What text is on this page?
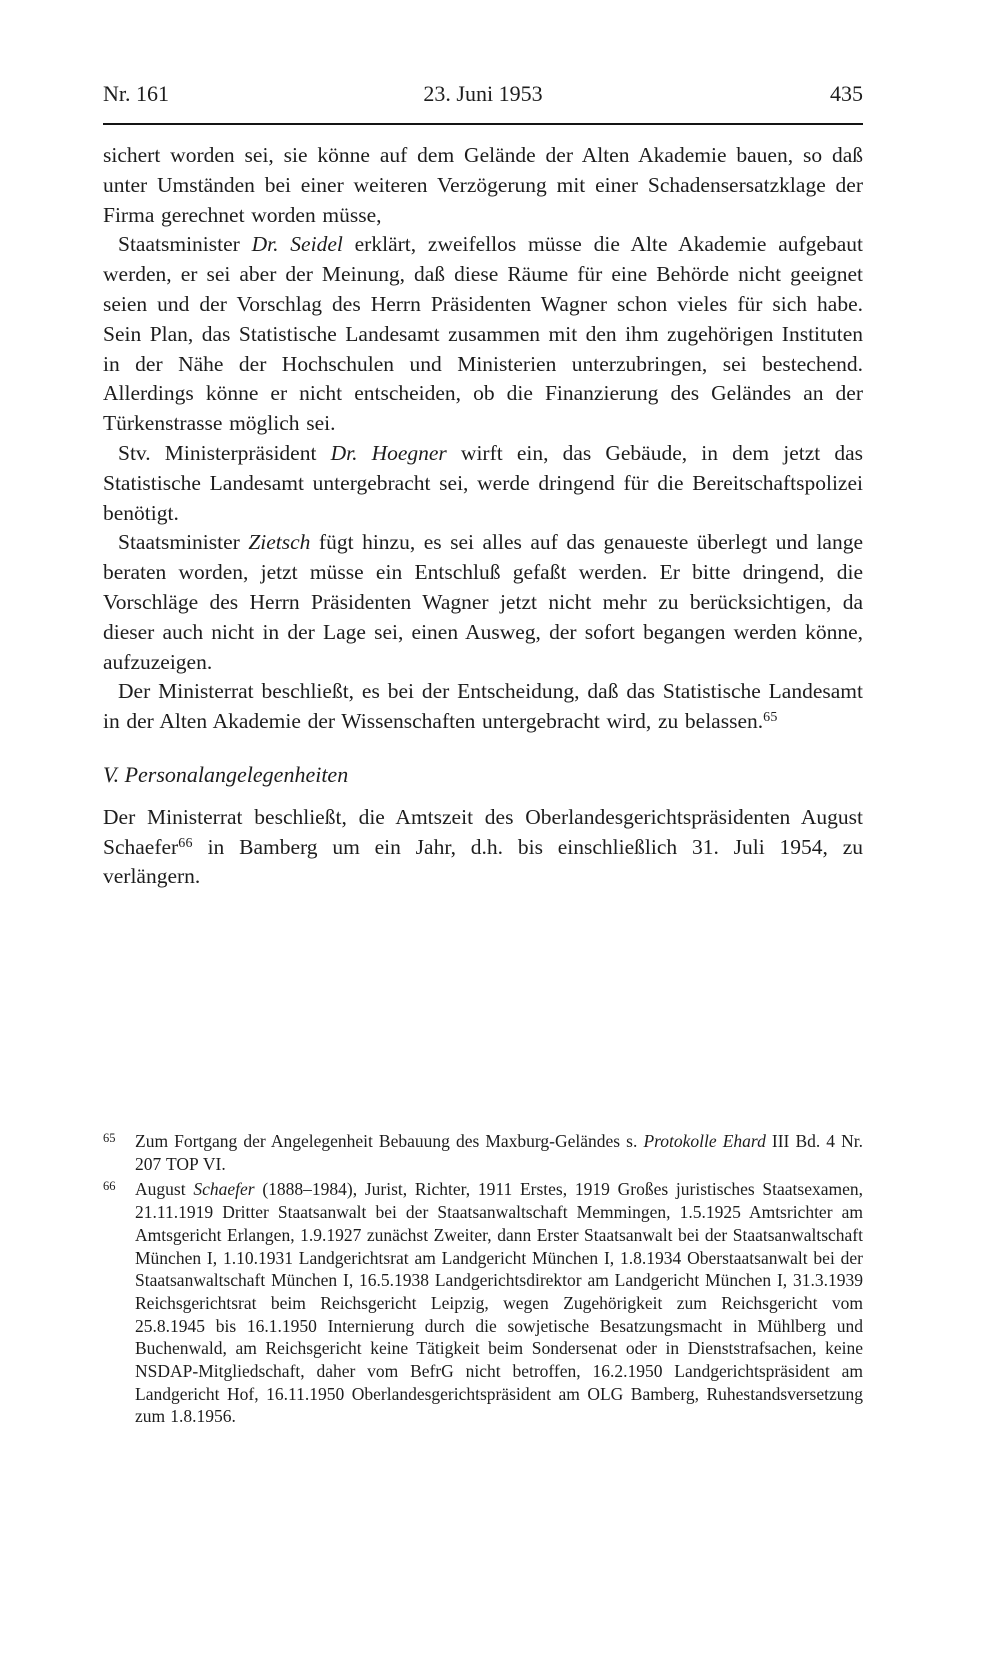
Nr. 161	23. Juni 1953	435

sichert worden sei, sie könne auf dem Gelände der Alten Akademie bauen, so daß unter Umständen bei einer weiteren Verzögerung mit einer Schadensersatzklage der Firma gerechnet worden müsse,

Staatsminister Dr. Seidel erklärt, zweifellos müsse die Alte Akademie aufgebaut werden, er sei aber der Meinung, daß diese Räume für eine Behörde nicht geeignet seien und der Vorschlag des Herrn Präsidenten Wagner schon vieles für sich habe. Sein Plan, das Statistische Landesamt zusammen mit den ihm zugehörigen Instituten in der Nähe der Hochschulen und Ministerien unterzubringen, sei bestechend. Allerdings könne er nicht entscheiden, ob die Finanzierung des Geländes an der Türkenstrasse möglich sei.

Stv. Ministerpräsident Dr. Hoegner wirft ein, das Gebäude, in dem jetzt das Statistische Landesamt untergebracht sei, werde dringend für die Bereitschaftspolizei benötigt.

Staatsminister Zietsch fügt hinzu, es sei alles auf das genaueste überlegt und lange beraten worden, jetzt müsse ein Entschluß gefaßt werden. Er bitte dringend, die Vorschläge des Herrn Präsidenten Wagner jetzt nicht mehr zu berücksichtigen, da dieser auch nicht in der Lage sei, einen Ausweg, der sofort begangen werden könne, aufzuzeigen.

Der Ministerrat beschließt, es bei der Entscheidung, daß das Statistische Landesamt in der Alten Akademie der Wissenschaften untergebracht wird, zu belassen.$^{65}$

V. Personalangelegenheiten

Der Ministerrat beschließt, die Amtszeit des Oberlandesgerichtspräsidenten August Schaefer$^{66}$ in Bamberg um ein Jahr, d.h. bis einschließlich 31. Juli 1954, zu verlängern.

65 Zum Fortgang der Angelegenheit Bebauung des Maxburg-Geländes s. Protokolle Ehard III Bd. 4 Nr. 207 TOP VI.
66 August Schaefer (1888–1984), Jurist, Richter, 1911 Erstes, 1919 Großes juristisches Staatsexamen, 21.11.1919 Dritter Staatsanwalt bei der Staatsanwaltschaft Memmingen, 1.5.1925 Amtsrichter am Amtsgericht Erlangen, 1.9.1927 zunächst Zweiter, dann Erster Staatsanwalt bei der Staatsanwaltschaft München I, 1.10.1931 Landgerichtsrat am Landgericht München I, 1.8.1934 Oberstaatsanwalt bei der Staatsanwaltschaft München I, 16.5.1938 Landgerichtsdirektor am Landgericht München I, 31.3.1939 Reichsgerichtsrat beim Reichsgericht Leipzig, wegen Zugehörigkeit zum Reichsgericht vom 25.8.1945 bis 16.1.1950 Internierung durch die sowjetische Besatzungsmacht in Mühlberg und Buchenwald, am Reichsgericht keine Tätigkeit beim Sondersenat oder in Dienststrafsachen, keine NSDAP-Mitgliedschaft, daher vom BefrG nicht betroffen, 16.2.1950 Landgerichtspräsident am Landgericht Hof, 16.11.1950 Oberlandesgerichtspräsident am OLG Bamberg, Ruhestandsversetzung zum 1.8.1956.
